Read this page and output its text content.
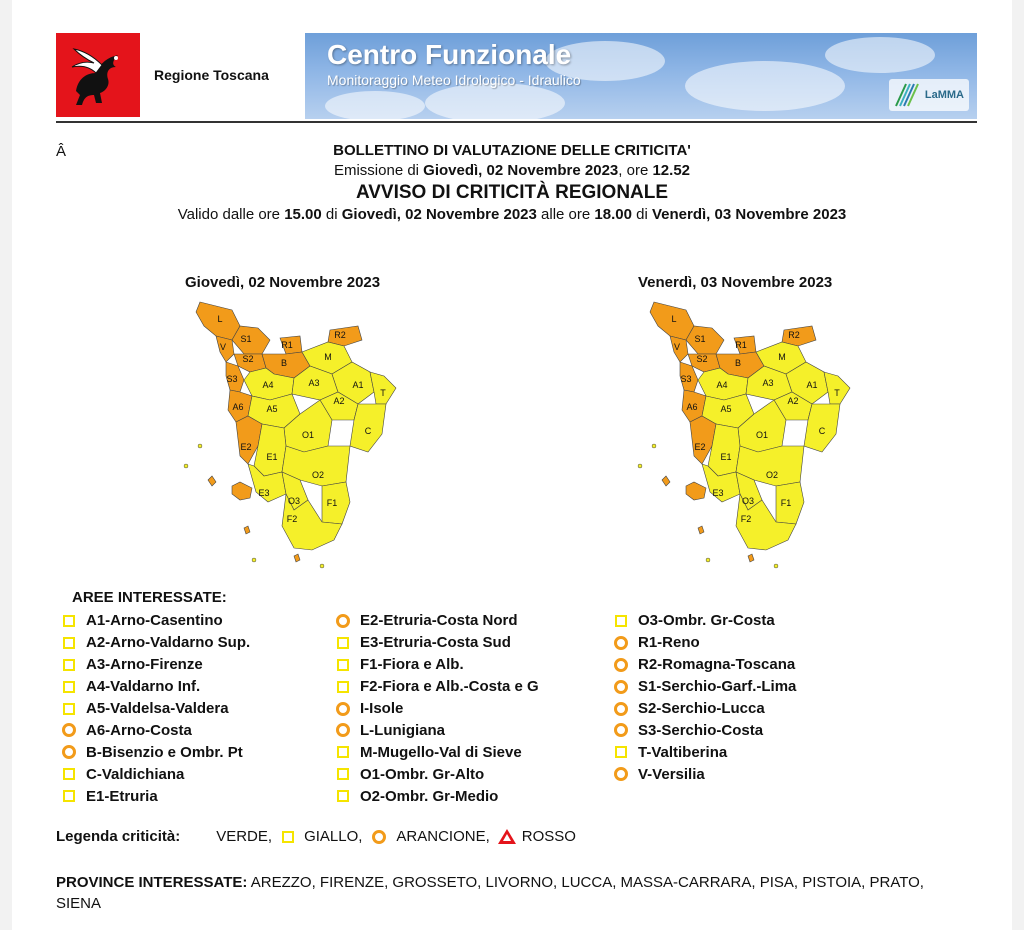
Regione Toscana
Centro Funzionale
Monitoraggio Meteo Idrologico - Idraulico
LaMMA
Â	BOLLETTINO DI VALUTAZIONE DELLE CRITICITA'
Emissione di Giovedì, 02 Novembre 2023, ore 12.52
AVVISO DI CRITICITÀ REGIONALE
Valido dalle ore 15.00 di Giovedì, 02 Novembre 2023 alle ore 18.00 di Venerdì, 03 Novembre 2023
Giovedì, 02 Novembre 2023	Venerdì, 03 Novembre 2023
L
S1
V
S2
S3
R1
R2
B
M
A4
A6
A3	A1
T
A5
A2
E2
O1	C
E1
O2
E3
O3	F1
F2
L
S1
V
S2
S3
R1
R2
B
M
A4
A6
A3	A1
T
A5
A2
E2
O1	C
E1
O2
E3
O3	F1
F2
AREE INTERESSATE:
A1-Arno-Casentino
A2-Arno-Valdarno Sup.
A3-Arno-Firenze
A4-Valdarno Inf.
A5-Valdelsa-Valdera
A6-Arno-Costa
B-Bisenzio e Ombr. Pt
C-Valdichiana
E1-Etruria
E2-Etruria-Costa Nord
E3-Etruria-Costa Sud
F1-Fiora e Alb.
F2-Fiora e Alb.-Costa e G
I-Isole
L-Lunigiana
M-Mugello-Val di Sieve
O1-Ombr. Gr-Alto
O2-Ombr. Gr-Medio
O3-Ombr. Gr-Costa
R1-Reno
R2-Romagna-Toscana
S1-Serchio-Garf.-Lima
S2-Serchio-Lucca
S3-Serchio-Costa
T-Valtiberina
V-Versilia
Legenda criticità: VERDE, GIALLO, ARANCIONE, ROSSO
PROVINCE INTERESSATE: AREZZO, FIRENZE, GROSSETO, LIVORNO, LUCCA, MASSA-CARRARA, PISA, PISTOIA, PRATO, SIENA
